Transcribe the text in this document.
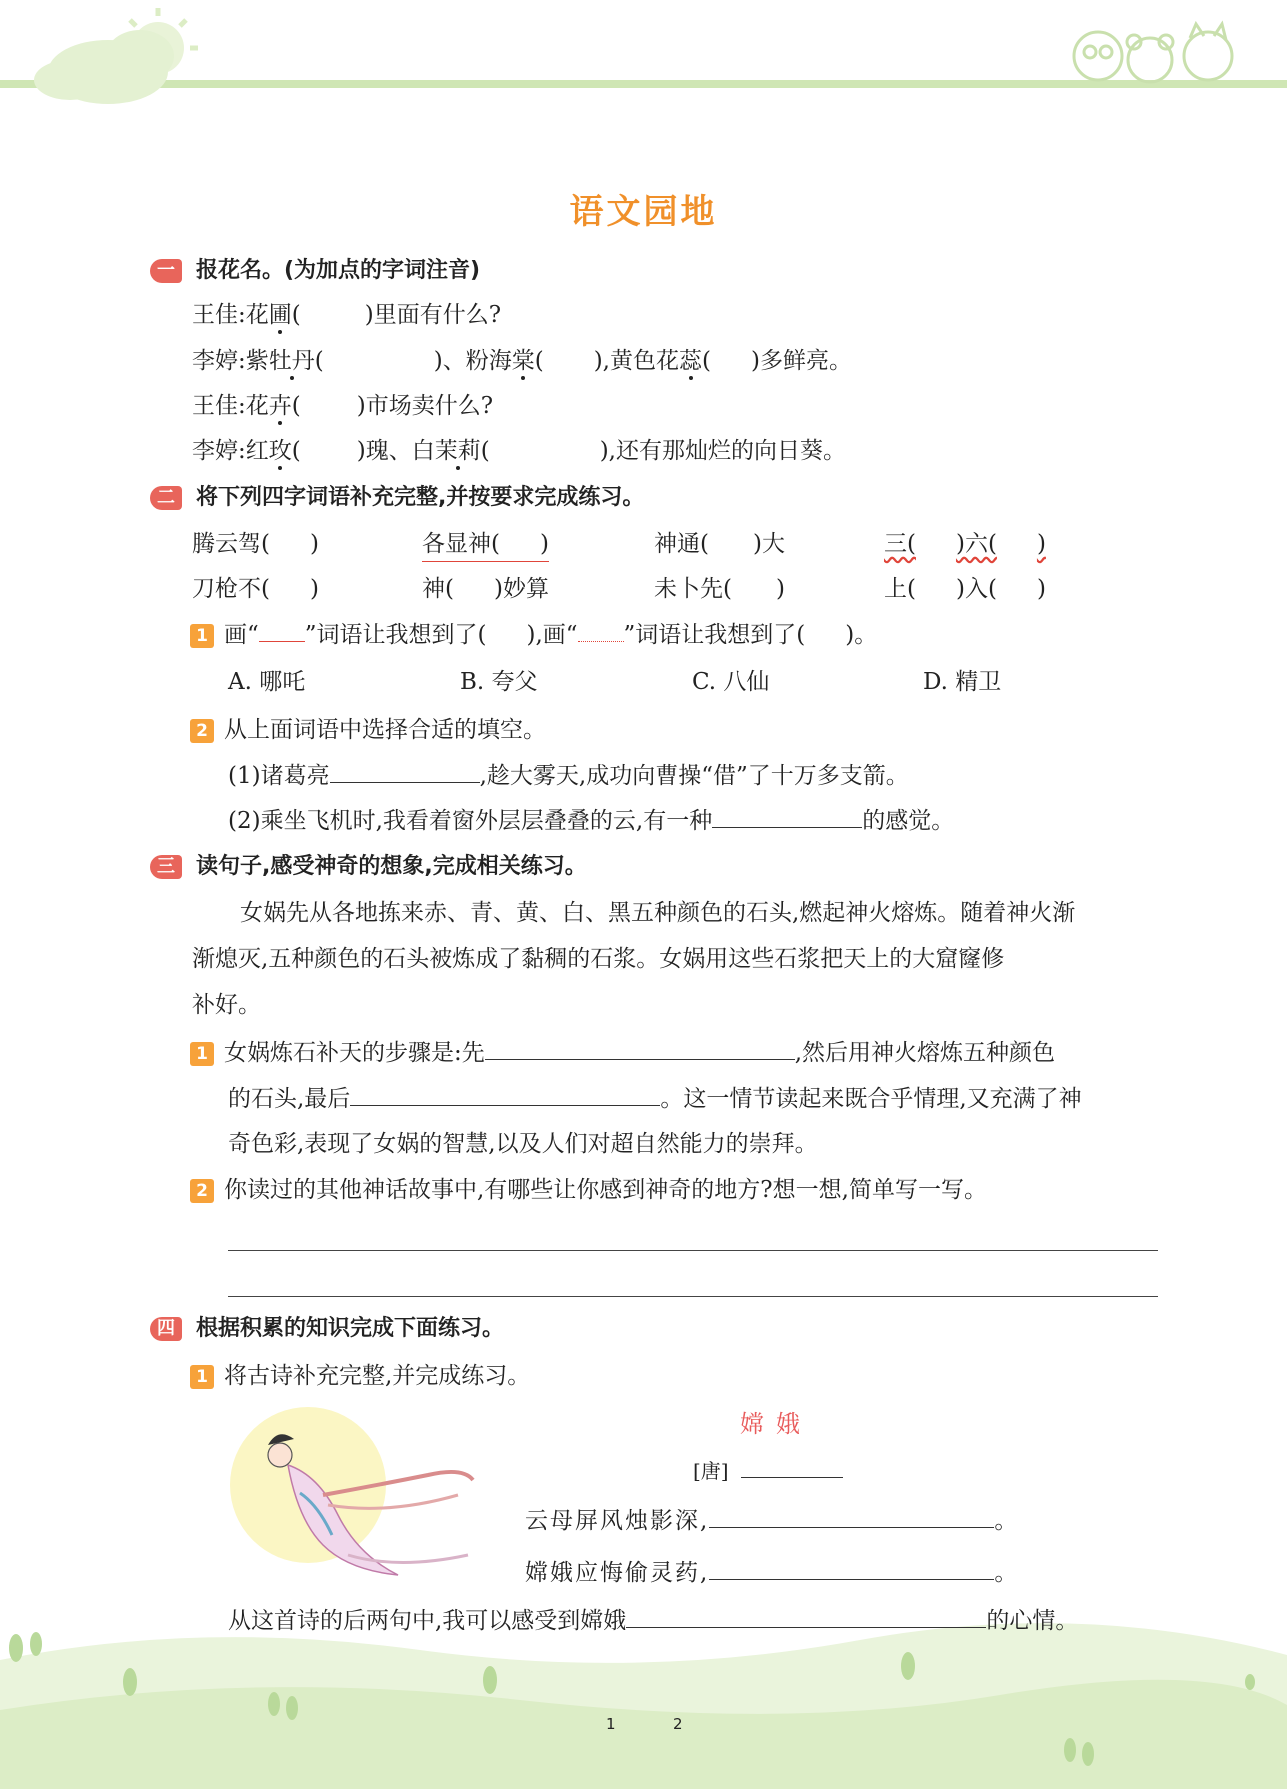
语文园地
一 报花名。(为加点的字词注音)
王佳:花圃(	)里面有什么?
李婷:紫牡丹(	)、粉海棠( ),黄色花蕊( )多鲜亮。
王佳:花卉( )市场卖什么?
李婷:红玫( )瑰、白茉莉(	),还有那灿烂的向日葵。
二 将下列四字词语补充完整,并按要求完成练习。
腾云驾( )	各显神( )	神通( )大	三( )六( )
刀枪不( )	神( )妙算	未卜先( )	上( )入( )
1 画“ ”词语让我想到了( ),画“ ”词语让我想到了( )。
A. 哪吒	B. 夸父	C. 八仙	D. 精卫
2 从上面词语中选择合适的填空。
(1)诸葛亮	,趁大雾天,成功向曹操“借”了十万多支箭。
(2)乘坐飞机时,我看着窗外层层叠叠的云,有一种	的感觉。
三 读句子,感受神奇的想象,完成相关练习。
女娲先从各地拣来赤、青、黄、白、黑五种颜色的石头,燃起神火熔炼。随着神火渐
渐熄灭,五种颜色的石头被炼成了黏稠的石浆。女娲用这些石浆把天上的大窟窿修
补好。
1 女娲炼石补天的步骤是:先	,然后用神火熔炼五种颜色
的石头,最后	。这一情节读起来既合乎情理,又充满了神
奇色彩,表现了女娲的智慧,以及人们对超自然能力的崇拜。
2 你读过的其他神话故事中,有哪些让你感到神奇的地方?想一想,简单写一写。
四 根据积累的知识完成下面练习。
1 将古诗补充完整,并完成练习。
嫦娥
[唐]
云母屏风烛影深,	。
嫦娥应悔偷灵药,	。
从这首诗的后两句中,我可以感受到嫦娥	的心情。
1	2
